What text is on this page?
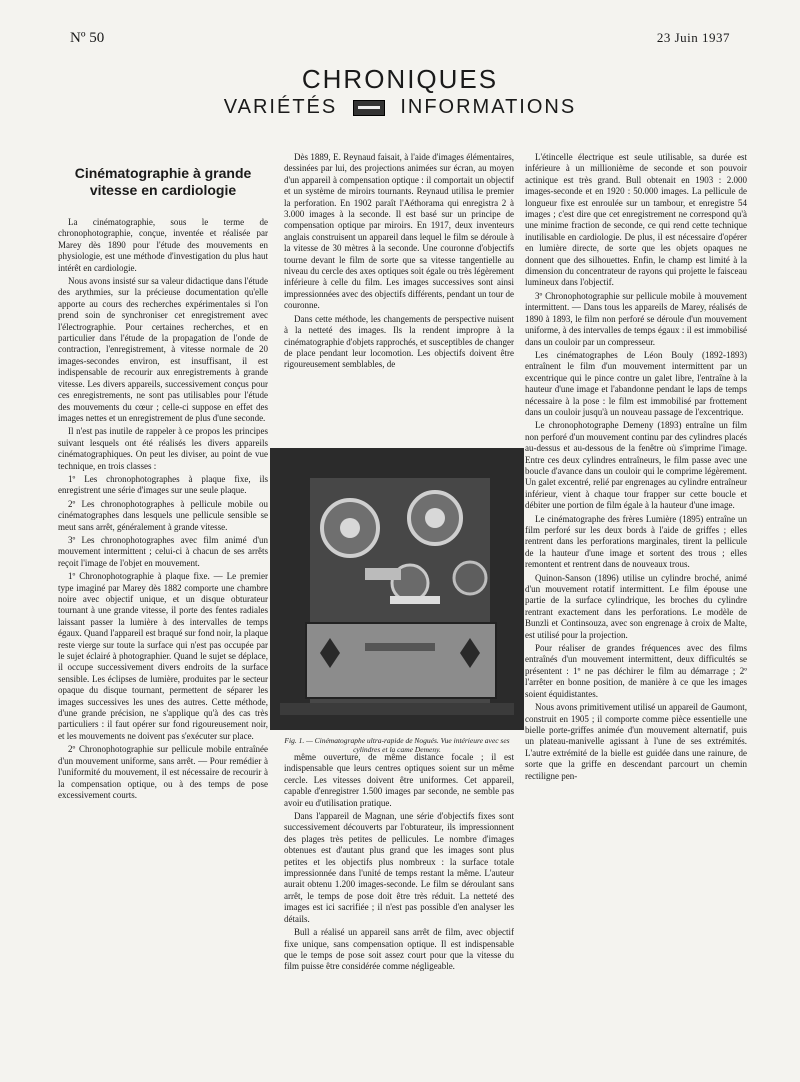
Nº 50	23 Juin 1937
CHRONIQUES
VARIÉTÉS	INFORMATIONS
Cinématographie à grande vitesse en cardiologie

La cinématographie, sous le terme de chronophotographie, conçue, inventée et réalisée par Marey dès 1890 pour l'étude des mouvements en physiologie, est une méthode d'investigation du plus haut intérêt en cardiologie.

Nous avons insisté sur sa valeur didactique dans l'étude des arythmies, sur la précieuse documentation qu'elle apporte au cours des recherches expérimentales si l'on prend soin de synchroniser cet enregistrement avec l'électrographie. Pour certaines recherches, et en particulier dans l'étude de la propagation de l'onde de contraction, l'enregistrement, à vitesse normale de 20 images-secondes environ, est insuffisant, il est indispensable de recourir aux enregistrements à grande vitesse. Les divers appareils, successivement conçus pour ces enregistrements, ne sont pas utilisables pour l'étude des mouvements du cœur ; celle-ci suppose en effet des images nettes et un enregistrement de plus d'une seconde.

Il n'est pas inutile de rappeler à ce propos les principes suivant lesquels ont été réalisés les divers appareils cinématographiques. On peut les diviser, au point de vue technique, en trois classes :

1º Les chronophotographes à plaque fixe, ils enregistrent une série d'images sur une seule plaque.

2º Les chronophotographes à pellicule mobile ou cinématographes dans lesquels une pellicule sensible se meut sans arrêt, généralement à grande vitesse.

3º Les chronophotographes avec film animé d'un mouvement intermittent ; celui-ci à chacun de ses arrêts reçoit l'image de l'objet en mouvement.

1º Chronophotographie à plaque fixe. — Le premier type imaginé par Marey dès 1882 comporte une chambre noire avec objectif unique, et un disque obturateur tournant à une grande vitesse, il porte des fentes radiales laissant passer la lumière à des intervalles de temps égaux. Quand l'appareil est braqué sur fond noir, la plaque reste vierge sur toute la surface qui n'est pas occupée par le sujet éclairé à photographier. Quand le sujet se déplace, il occupe successivement divers endroits de la surface sensible. Les éclipses de lumière, produites par le secteur opaque du disque tournant, permettent de séparer les images successives les unes des autres. Cette méthode, d'une grande précision, ne s'applique qu'à des cas très particuliers : il faut opérer sur fond rigoureusement noir, et les mouvements ne doivent pas s'exécuter sur place.

2º Chronophotographie sur pellicule mobile entraînée d'un mouvement uniforme, sans arrêt. — Pour remédier à l'uniformité du mouvement, il est nécessaire de recourir à la compensation optique, ou à des temps de pose excessivement courts.

Dès 1889, E. Reynaud faisait, à l'aide d'images élémentaires, dessinées par lui, des projections animées sur écran, au moyen d'un appareil à compensation optique : il comportait un objectif et un système de miroirs tournants. Reynaud utilisa le premier la perforation. En 1902 paraît l'Aéthorama qui enregistra 2 à 3.000 images à la seconde. Il est basé sur un principe de compensation optique par miroirs. En 1917, deux inventeurs anglais construisent un appareil dans lequel le film se déroule à la vitesse de 30 mètres à la seconde. Une couronne d'objectifs tourne devant le film de sorte que sa vitesse tangentielle au niveau du cercle des axes optiques soit égale ou très légèrement inférieure à celle du film. Les images successives sont ainsi impressionnées avec des objectifs différents, pendant un tour de couronne.

Dans cette méthode, les changements de perspective nuisent à la netteté des images. Ils la rendent impropre à la cinématographie d'objets rapprochés, et susceptibles de changer de place pendant leur locomotion. Les objectifs doivent être rigoureusement semblables, de

Fig. 1. — Cinématographe ultra-rapide de Nogués. Vue intérieure avec ses cylindres et la came Demeny.

même ouverture, de même distance focale ; il est indispensable que leurs centres optiques soient sur un même cercle. Les vitesses doivent être uniformes. Cet appareil, capable d'enregistrer 1.500 images par seconde, ne semble pas avoir eu d'utilisation pratique.

Dans l'appareil de Magnan, une série d'objectifs fixes sont successivement découverts par l'obturateur, ils impressionnent des plages très petites de pellicules. Le nombre d'images obtenues est d'autant plus grand que les images sont plus petites et les objectifs plus nombreux : la surface totale impressionnée dans l'unité de temps restant la même. L'auteur aurait obtenu 1.200 images-seconde. Le film se déroulant sans arrêt, le temps de pose doit être très réduit. La netteté des images est ici sacrifiée ; il n'est pas possible d'en analyser les détails.

Bull a réalisé un appareil sans arrêt de film, avec objectif fixe unique, sans compensation optique. Il est indispensable que le temps de pose soit assez court pour que la vitesse du film puisse être considérée comme négligeable.

L'étincelle électrique est seule utilisable, sa durée est inférieure à un millionième de seconde et son pouvoir actinique est très grand. Bull obtenait en 1903 : 2.000 images-seconde et en 1920 : 50.000 images. La pellicule de longueur fixe est enroulée sur un tambour, et enregistre 54 images ; c'est dire que cet enregistrement ne correspond qu'à une minime fraction de seconde, ce qui rend cette technique inutilisable en cardiologie. De plus, il est nécessaire d'opérer en lumière directe, de sorte que les objets opaques ne donnent que des silhouettes. Enfin, le champ est limité à la dimension du concentrateur de rayons qui projette le faisceau lumineux dans l'objectif.

3º Chronophotographie sur pellicule mobile à mouvement intermittent. — Dans tous les appareils de Marey, réalisés de 1890 à 1893, le film non perforé se déroule d'un mouvement uniforme, à des intervalles de temps égaux : il est immobilisé dans un couloir par un compresseur.

Les cinématographes de Léon Bouly (1892-1893) entraînent le film d'un mouvement intermittent par un excentrique qui le pince contre un galet libre, l'entraîne à la hauteur d'une image et l'abandonne pendant le laps de temps nécessaire à la pose : le film est immobilisé par frottement dans un couloir jusqu'à un nouveau passage de l'excentrique.

Le chronophotographe Demeny (1893) entraîne un film non perforé d'un mouvement continu par des cylindres placés au-dessus et au-dessous de la fenêtre où s'imprime l'image. Entre ces deux cylindres entraîneurs, le film passe avec une boucle d'avance dans un couloir qui le comprime légèrement. Un galet excentré, relié par engrenages au cylindre entraîneur inférieur, vient à chaque tour frapper sur cette boucle et débiter une portion de film égale à la hauteur d'une image.

Le cinématographe des frères Lumière (1895) entraîne un film perforé sur les deux bords à l'aide de griffes ; elles rentrent dans les perforations marginales, tirent la pellicule de la hauteur d'une image et sortent des trous ; elles remontent et rentrent dans de nouveaux trous.

Quinon-Sanson (1896) utilise un cylindre broché, animé d'un mouvement rotatif intermittent. Le film épouse une partie de la surface cylindrique, les broches du cylindre rentrant exactement dans les perforations. Le modèle de Bunzli et Continsouza, avec son engrenage à croix de Malte, est utilisé pour la projection.

Pour réaliser de grandes fréquences avec des films entraînés d'un mouvement intermittent, deux difficultés se présentent : 1º ne pas déchirer le film au démarrage ; 2º l'arrêter en bonne position, de manière à ce que les images soient équidistantes.

Nous avons primitivement utilisé un appareil de Gaumont, construit en 1905 ; il comporte comme pièce essentielle une bielle porte-griffes animée d'un mouvement alternatif, puis un plateau-manivelle agissant à l'une de ses extrémités. L'autre extrémité de la bielle est guidée dans une rainure, de sorte que la griffe en descendant parcourt un chemin rectiligne pen-
